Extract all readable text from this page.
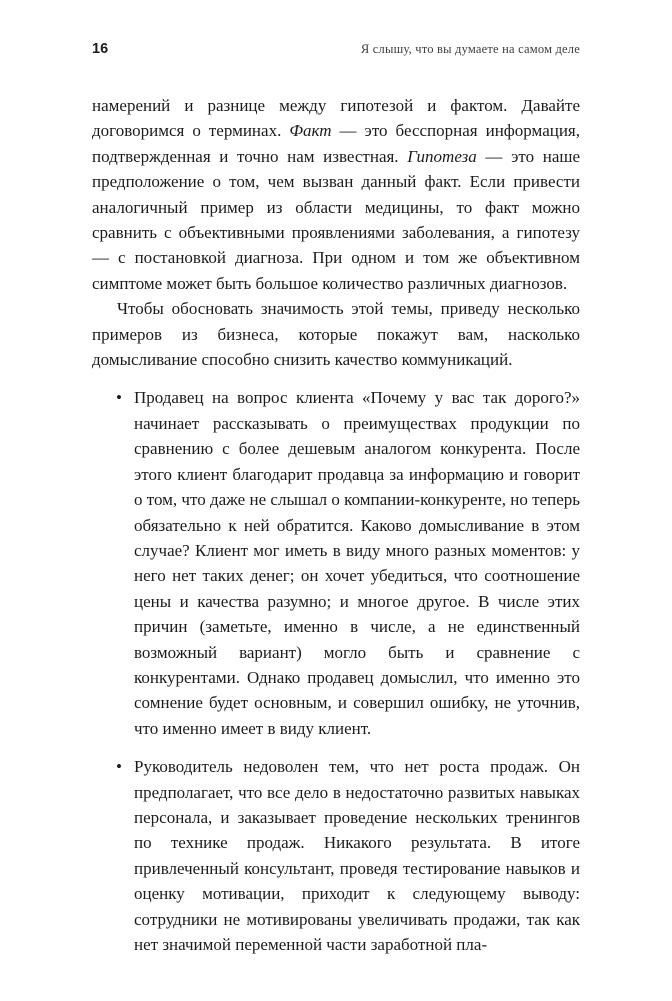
16	Я слышу, что вы думаете на самом деле

намерений и разнице между гипотезой и фактом. Давайте договоримся о терминах. Факт — это бесспорная информация, подтвержденная и точно нам известная. Гипотеза — это наше предположение о том, чем вызван данный факт. Если привести аналогичный пример из области медицины, то факт можно сравнить с объективными проявлениями заболевания, а гипотезу — с постановкой диагноза. При одном и том же объективном симптоме может быть большое количество различных диагнозов.

Чтобы обосновать значимость этой темы, приведу несколько примеров из бизнеса, которые покажут вам, насколько домысливание способно снизить качество коммуникаций.

• Продавец на вопрос клиента «Почему у вас так дорого?» начинает рассказывать о преимуществах продукции по сравнению с более дешевым аналогом конкурента. После этого клиент благодарит продавца за информацию и говорит о том, что даже не слышал о компании-конкуренте, но теперь обязательно к ней обратится. Каково домысливание в этом случае? Клиент мог иметь в виду много разных моментов: у него нет таких денег; он хочет убедиться, что соотношение цены и качества разумно; и многое другое. В числе этих причин (заметьте, именно в числе, а не единственный возможный вариант) могло быть и сравнение с конкурентами. Однако продавец домыслил, что именно это сомнение будет основным, и совершил ошибку, не уточнив, что именно имеет в виду клиент.
• Руководитель недоволен тем, что нет роста продаж. Он предполагает, что все дело в недостаточно развитых навыках персонала, и заказывает проведение нескольких тренингов по технике продаж. Никакого результата. В итоге привлеченный консультант, проведя тестирование навыков и оценку мотивации, приходит к следующему выводу: сотрудники не мотивированы увеличивать продажи, так как нет значимой переменной части заработной пла-
